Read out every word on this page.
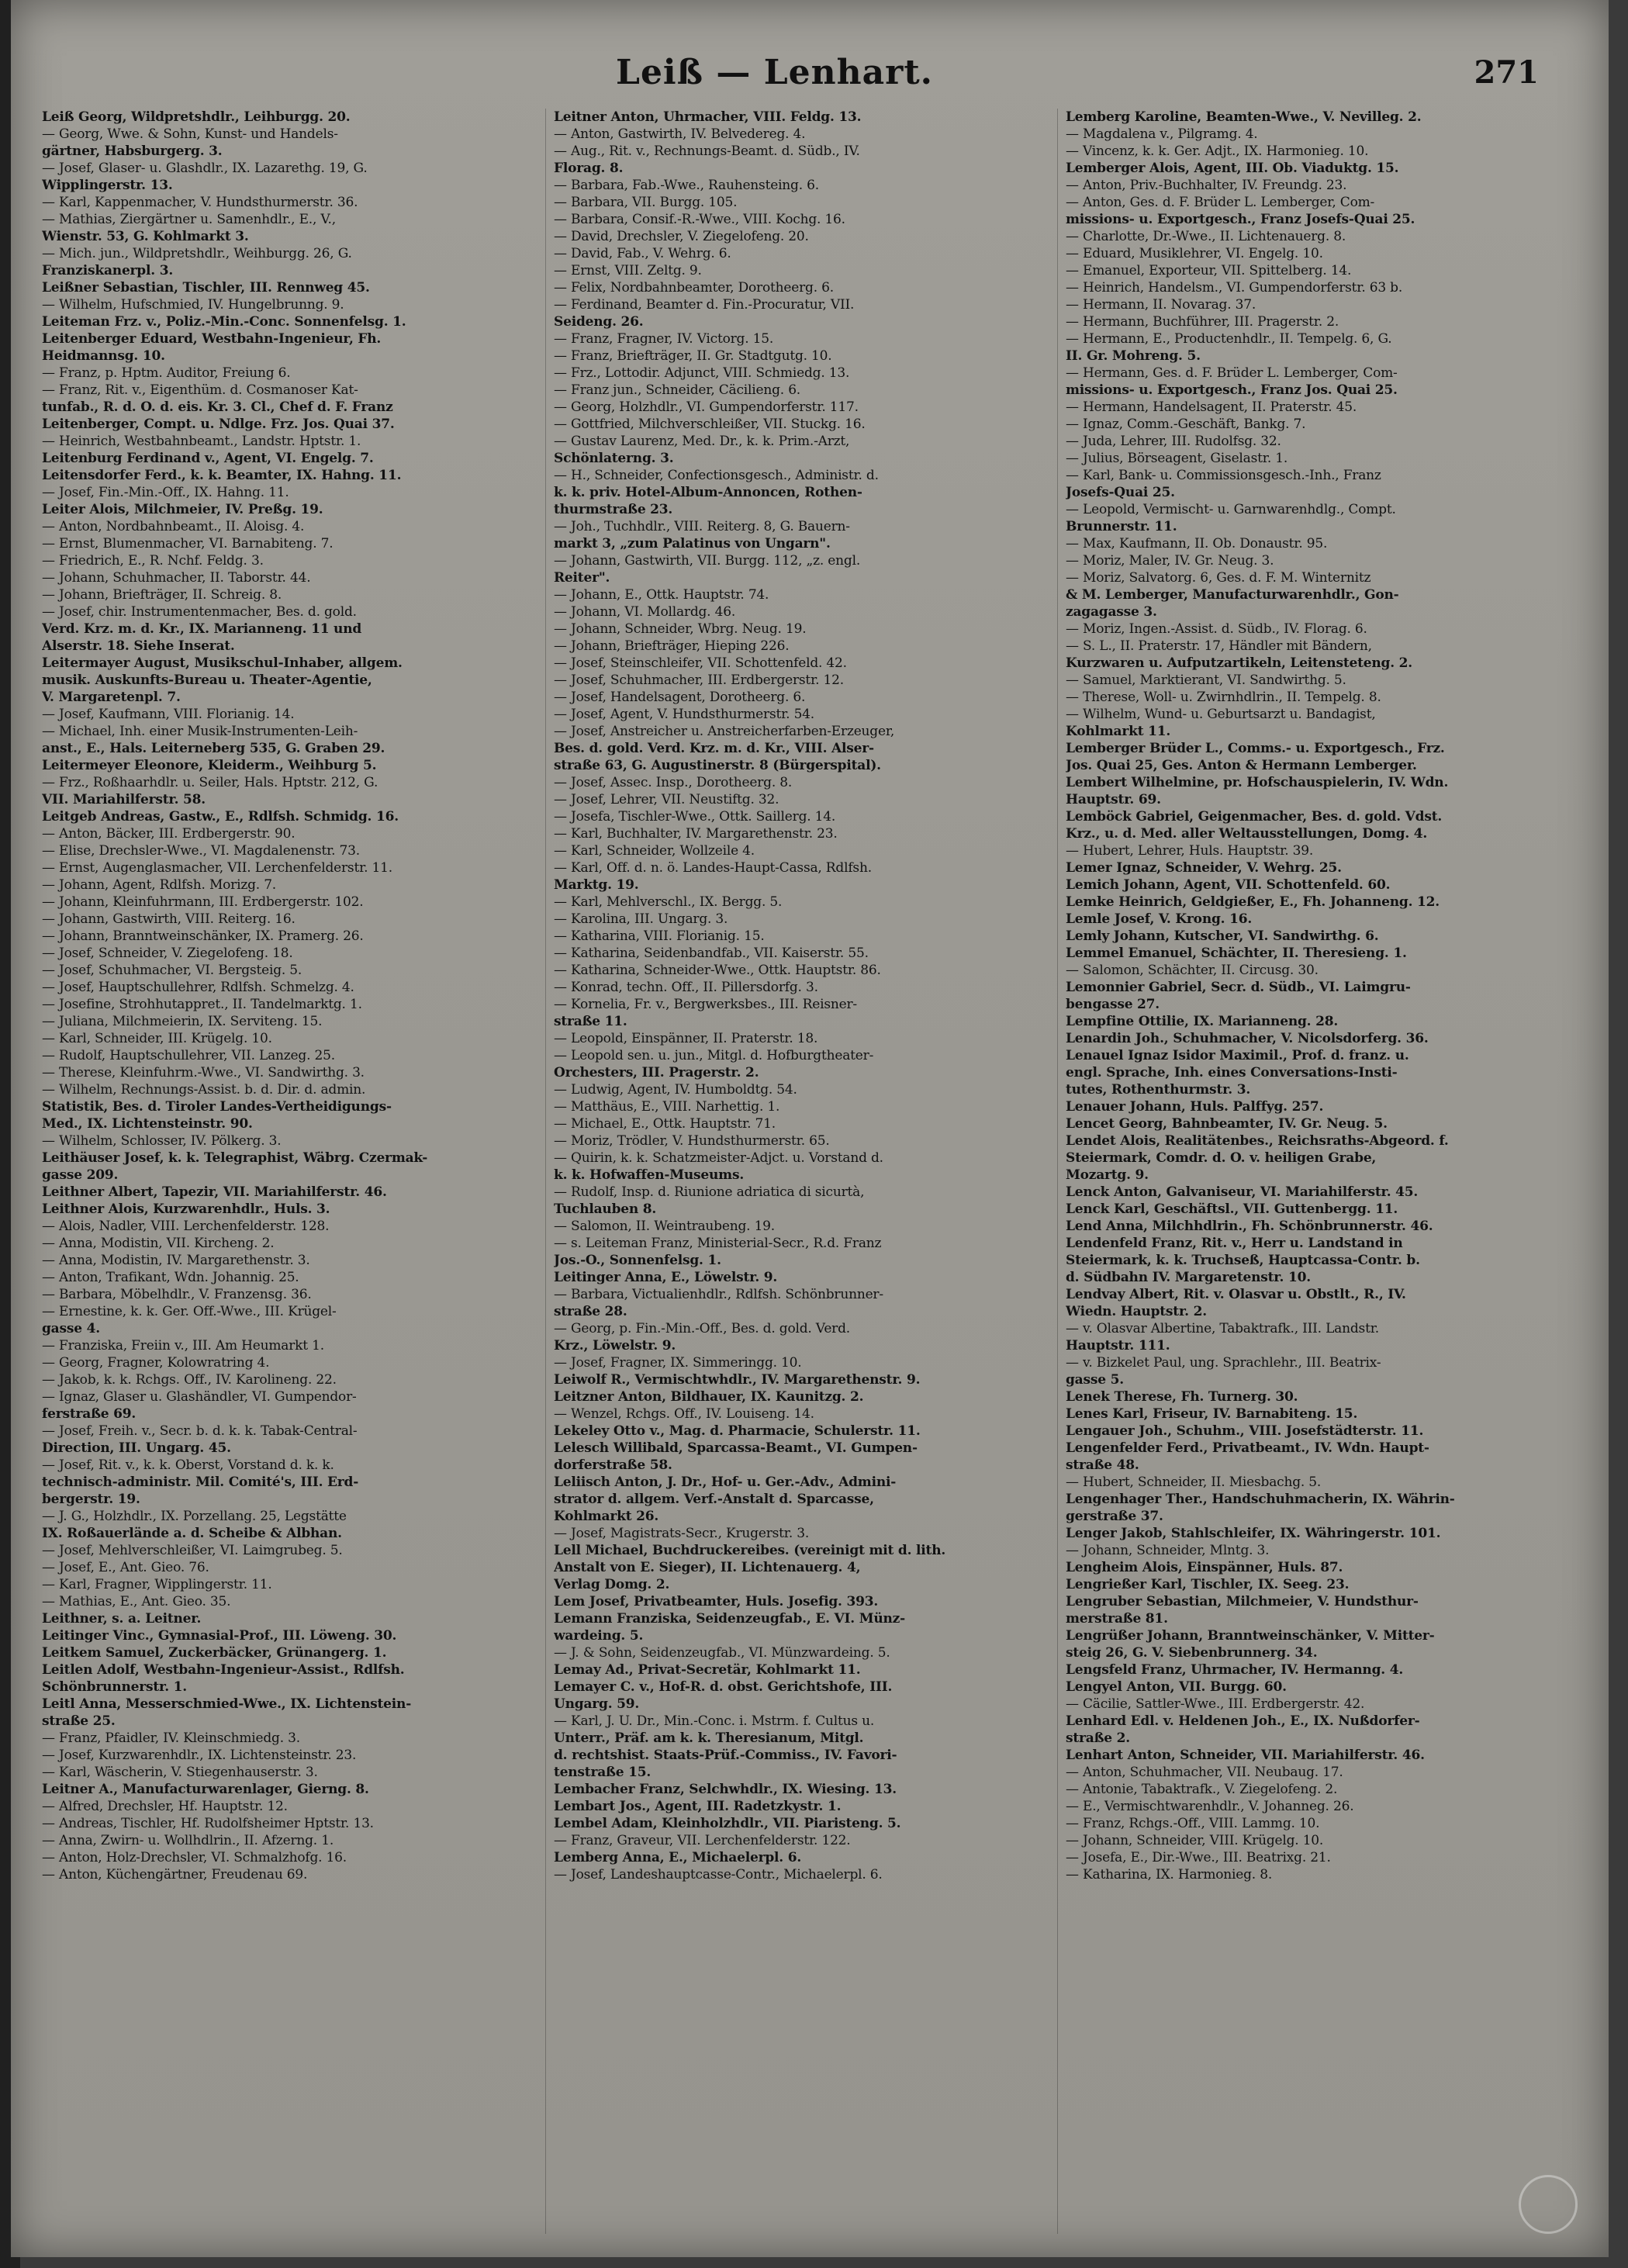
Leiß — Lenhart.	271
Leiß Georg, Wildpretshdlr., Leihburgg. 20.
— Georg, Wwe. & Sohn, Kunst- und Handels-
gärtner, Habsburgerg. 3.
— Josef, Glaser- u. Glashdlr., IX. Lazarethg. 19, G.
Wipplingerstr. 13.
— Karl, Kappenmacher, V. Hundsthurmerstr. 36.
— Mathias, Ziergärtner u. Samenhdlr., E., V.,
Wienstr. 53, G. Kohlmarkt 3.
— Mich. jun., Wildpretshdlr., Weihburgg. 26, G.
Franziskanerpl. 3.
Leißner Sebastian, Tischler, III. Rennweg 45.
— Wilhelm, Hufschmied, IV. Hungelbrunng. 9.
Leiteman Frz. v., Poliz.-Min.-Conc. Sonnenfelsg. 1.
Leitenberger Eduard, Westbahn-Ingenieur, Fh.
Heidmannsg. 10.
— Franz, p. Hptm. Auditor, Freiung 6.
— Franz, Rit. v., Eigenthüm. d. Cosmanoser Kat-
tunfab., R. d. O. d. eis. Kr. 3. Cl., Chef d. F. Franz
Leitenberger, Compt. u. Ndlge. Frz. Jos. Quai 37.
— Heinrich, Westbahnbeamt., Landstr. Hptstr. 1.
Leitenburg Ferdinand v., Agent, VI. Engelg. 7.
Leitensdorfer Ferd., k. k. Beamter, IX. Hahng. 11.
— Josef, Fin.-Min.-Off., IX. Hahng. 11.
Leiter Alois, Milchmeier, IV. Preßg. 19.
— Anton, Nordbahnbeamt., II. Aloisg. 4.
— Ernst, Blumenmacher, VI. Barnabiteng. 7.
— Friedrich, E., R. Nchf. Feldg. 3.
— Johann, Schuhmacher, II. Taborstr. 44.
— Johann, Briefträger, II. Schreig. 8.
— Josef, chir. Instrumentenmacher, Bes. d. gold.
Verd. Krz. m. d. Kr., IX. Marianneng. 11 und
Alserstr. 18. Siehe Inserat.
Leitermayer August, Musikschul-Inhaber, allgem.
musik. Auskunfts-Bureau u. Theater-Agentie,
V. Margaretenpl. 7.
— Josef, Kaufmann, VIII. Florianig. 14.
— Michael, Inh. einer Musik-Instrumenten-Leih-
anst., E., Hals. Leiterneberg 535, G. Graben 29.
Leitermeyer Eleonore, Kleiderm., Weihburg 5.
— Frz., Roßhaarhdlr. u. Seiler, Hals. Hptstr. 212, G.
VII. Mariahilferstr. 58.
Leitgeb Andreas, Gastw., E., Rdlfsh. Schmidg. 16.
— Anton, Bäcker, III. Erdbergerstr. 90.
— Elise, Drechsler-Wwe., VI. Magdalenenstr. 73.
— Ernst, Augenglasmacher, VII. Lerchenfelderstr. 11.
— Johann, Agent, Rdlfsh. Morizg. 7.
— Johann, Kleinfuhrmann, III. Erdbergerstr. 102.
— Johann, Gastwirth, VIII. Reiterg. 16.
— Johann, Branntweinschänker, IX. Pramerg. 26.
— Josef, Schneider, V. Ziegelofeng. 18.
— Josef, Schuhmacher, VI. Bergsteig. 5.
— Josef, Hauptschullehrer, Rdlfsh. Schmelzg. 4.
— Josefine, Strohhutappret., II. Tandelmarktg. 1.
— Juliana, Milchmeierin, IX. Serviteng. 15.
— Karl, Schneider, III. Krügelg. 10.
— Rudolf, Hauptschullehrer, VII. Lanzeg. 25.
— Therese, Kleinfuhrm.-Wwe., VI. Sandwirthg. 3.
— Wilhelm, Rechnungs-Assist. b. d. Dir. d. admin.
Statistik, Bes. d. Tiroler Landes-Vertheidigungs-
Med., IX. Lichtensteinstr. 90.
— Wilhelm, Schlosser, IV. Pölkerg. 3.
Leithäuser Josef, k. k. Telegraphist, Wäbrg. Czermak-
gasse 209.
Leithner Albert, Tapezir, VII. Mariahilferstr. 46.
Leithner Alois, Kurzwarenhdlr., Huls. 3.
— Alois, Nadler, VIII. Lerchenfelderstr. 128.
— Anna, Modistin, VII. Kircheng. 2.
— Anna, Modistin, IV. Margarethenstr. 3.
— Anton, Trafikant, Wdn. Johannig. 25.
— Barbara, Möbelhdlr., V. Franzensg. 36.
— Ernestine, k. k. Ger. Off.-Wwe., III. Krügel-
gasse 4.
— Franziska, Freiin v., III. Am Heumarkt 1.
— Georg, Fragner, Kolowratring 4.
— Jakob, k. k. Rchgs. Off., IV. Karolineng. 22.
— Ignaz, Glaser u. Glashändler, VI. Gumpendor-
ferstraße 69.
— Josef, Freih. v., Secr. b. d. k. k. Tabak-Central-
Direction, III. Ungarg. 45.
— Josef, Rit. v., k. k. Oberst, Vorstand d. k. k.
technisch-administr. Mil. Comité's, III. Erd-
bergerstr. 19.
— J. G., Holzhdlr., IX. Porzellang. 25, Legstätte
IX. Roßauerlände a. d. Scheibe & Albhan.
— Josef, Mehlverschleißer, VI. Laimgrubeg. 5.
— Josef, E., Ant. Gieo. 76.
— Karl, Fragner, Wipplingerstr. 11.
— Mathias, E., Ant. Gieo. 35.
Leithner, s. a. Leitner.
Leitinger Vinc., Gymnasial-Prof., III. Löweng. 30.
Leitkem Samuel, Zuckerbäcker, Grünangerg. 1.
Leitlen Adolf, Westbahn-Ingenieur-Assist., Rdlfsh.
Schönbrunnerstr. 1.
Leitl Anna, Messerschmied-Wwe., IX. Lichtenstein-
straße 25.
— Franz, Pfaidler, IV. Kleinschmiedg. 3.
— Josef, Kurzwarenhdlr., IX. Lichtensteinstr. 23.
— Karl, Wäscherin, V. Stiegenhauserstr. 3.
Leitner A., Manufacturwarenlager, Gierng. 8.
— Alfred, Drechsler, Hf. Hauptstr. 12.
— Andreas, Tischler, Hf. Rudolfsheimer Hptstr. 13.
— Anna, Zwirn- u. Wollhdlrin., II. Afzerng. 1.
— Anton, Holz-Drechsler, VI. Schmalzhofg. 16.
— Anton, Küchengärtner, Freudenau 69.
Leitner Anton, Uhrmacher, VIII. Feldg. 13.
— Anton, Gastwirth, IV. Belvedereg. 4.
— Aug., Rit. v., Rechnungs-Beamt. d. Südb., IV.
Florag. 8.
— Barbara, Fab.-Wwe., Rauhensteing. 6.
— Barbara, VII. Burgg. 105.
— Barbara, Consif.-R.-Wwe., VIII. Kochg. 16.
— David, Drechsler, V. Ziegelofeng. 20.
— David, Fab., V. Wehrg. 6.
— Ernst, VIII. Zeltg. 9.
— Felix, Nordbahnbeamter, Dorotheerg. 6.
— Ferdinand, Beamter d. Fin.-Procuratur, VII.
Seideng. 26.
— Franz, Fragner, IV. Victorg. 15.
— Franz, Briefträger, II. Gr. Stadtgutg. 10.
— Frz., Lottodir. Adjunct, VIII. Schmiedg. 13.
— Franz jun., Schneider, Cäcilieng. 6.
— Georg, Holzhdlr., VI. Gumpendorferstr. 117.
— Gottfried, Milchverschleißer, VII. Stuckg. 16.
— Gustav Laurenz, Med. Dr., k. k. Prim.-Arzt,
Schönlaterng. 3.
— H., Schneider, Confectionsgesch., Administr. d.
k. k. priv. Hotel-Album-Annoncen, Rothen-
thurmstraße 23.
— Joh., Tuchhdlr., VIII. Reiterg. 8, G. Bauern-
markt 3, „zum Palatinus von Ungarn".
— Johann, Gastwirth, VII. Burgg. 112, „z. engl.
Reiter".
— Johann, E., Ottk. Hauptstr. 74.
— Johann, VI. Mollardg. 46.
— Johann, Schneider, Wbrg. Neug. 19.
— Johann, Briefträger, Hieping 226.
— Josef, Steinschleifer, VII. Schottenfeld. 42.
— Josef, Schuhmacher, III. Erdbergerstr. 12.
— Josef, Handelsagent, Dorotheerg. 6.
— Josef, Agent, V. Hundsthurmerstr. 54.
— Josef, Anstreicher u. Anstreicherfarben-Erzeuger,
Bes. d. gold. Verd. Krz. m. d. Kr., VIII. Alser-
straße 63, G. Augustinerstr. 8 (Bürgerspital).
— Josef, Assec. Insp., Dorotheerg. 8.
— Josef, Lehrer, VII. Neustiftg. 32.
— Josefa, Tischler-Wwe., Ottk. Saillerg. 14.
— Karl, Buchhalter, IV. Margarethenstr. 23.
— Karl, Schneider, Wollzeile 4.
— Karl, Off. d. n. ö. Landes-Haupt-Cassa, Rdlfsh.
Marktg. 19.
— Karl, Mehlverschl., IX. Bergg. 5.
— Karolina, III. Ungarg. 3.
— Katharina, VIII. Florianig. 15.
— Katharina, Seidenbandfab., VII. Kaiserstr. 55.
— Katharina, Schneider-Wwe., Ottk. Hauptstr. 86.
— Konrad, techn. Off., II. Pillersdorfg. 3.
— Kornelia, Fr. v., Bergwerksbes., III. Reisner-
straße 11.
— Leopold, Einspänner, II. Praterstr. 18.
— Leopold sen. u. jun., Mitgl. d. Hofburgtheater-
Orchesters, III. Pragerstr. 2.
— Ludwig, Agent, IV. Humboldtg. 54.
— Matthäus, E., VIII. Narhettig. 1.
— Michael, E., Ottk. Hauptstr. 71.
— Moriz, Trödler, V. Hundsthurmerstr. 65.
— Quirin, k. k. Schatzmeister-Adjct. u. Vorstand d.
k. k. Hofwaffen-Museums.
— Rudolf, Insp. d. Riunione adriatica di sicurtà,
Tuchlauben 8.
— Salomon, II. Weintraubeng. 19.
— s. Leiteman Franz, Ministerial-Secr., R.d. Franz
Jos.-O., Sonnenfelsg. 1.
Leitinger Anna, E., Löwelstr. 9.
— Barbara, Victualienhdlr., Rdlfsh. Schönbrunner-
straße 28.
— Georg, p. Fin.-Min.-Off., Bes. d. gold. Verd.
Krz., Löwelstr. 9.
— Josef, Fragner, IX. Simmeringg. 10.
Leiwolf R., Vermischtwhdlr., IV. Margarethenstr. 9.
Leitzner Anton, Bildhauer, IX. Kaunitzg. 2.
— Wenzel, Rchgs. Off., IV. Louiseng. 14.
Lekeley Otto v., Mag. d. Pharmacie, Schulerstr. 11.
Lelesch Willibald, Sparcassa-Beamt., VI. Gumpen-
dorferstraße 58.
Leliisch Anton, J. Dr., Hof- u. Ger.-Adv., Admini-
strator d. allgem. Verf.-Anstalt d. Sparcasse,
Kohlmarkt 26.
— Josef, Magistrats-Secr., Krugerstr. 3.
Lell Michael, Buchdruckereibes. (vereinigt mit d. lith.
Anstalt von E. Sieger), II. Lichtenauerg. 4,
Verlag Domg. 2.
Lem Josef, Privatbeamter, Huls. Josefig. 393.
Lemann Franziska, Seidenzeugfab., E. VI. Münz-
wardeing. 5.
— J. & Sohn, Seidenzeugfab., VI. Münzwardeing. 5.
Lemay Ad., Privat-Secretär, Kohlmarkt 11.
Lemayer C. v., Hof-R. d. obst. Gerichtshofe, III.
Ungarg. 59.
— Karl, J. U. Dr., Min.-Conc. i. Mstrm. f. Cultus u.
Unterr., Präf. am k. k. Theresianum, Mitgl.
d. rechtshist. Staats-Prüf.-Commiss., IV. Favori-
tenstraße 15.
Lembacher Franz, Selchwhdlr., IX. Wiesing. 13.
Lembart Jos., Agent, III. Radetzkystr. 1.
Lembel Adam, Kleinholzhdlr., VII. Piaristeng. 5.
— Franz, Graveur, VII. Lerchenfelderstr. 122.
Lemberg Anna, E., Michaelerpl. 6.
— Josef, Landeshauptcasse-Contr., Michaelerpl. 6.
Lemberg Karoline, Beamten-Wwe., V. Nevilleg. 2.
— Magdalena v., Pilgramg. 4.
— Vincenz, k. k. Ger. Adjt., IX. Harmonieg. 10.
Lemberger Alois, Agent, III. Ob. Viaduktg. 15.
— Anton, Priv.-Buchhalter, IV. Freundg. 23.
— Anton, Ges. d. F. Brüder L. Lemberger, Com-
missions- u. Exportgesch., Franz Josefs-Quai 25.
— Charlotte, Dr.-Wwe., II. Lichtenauerg. 8.
— Eduard, Musiklehrer, VI. Engelg. 10.
— Emanuel, Exporteur, VII. Spittelberg. 14.
— Heinrich, Handelsm., VI. Gumpendorferstr. 63 b.
— Hermann, II. Novarag. 37.
— Hermann, Buchführer, III. Pragerstr. 2.
— Hermann, E., Productenhdlr., II. Tempelg. 6, G.
II. Gr. Mohreng. 5.
— Hermann, Ges. d. F. Brüder L. Lemberger, Com-
missions- u. Exportgesch., Franz Jos. Quai 25.
— Hermann, Handelsagent, II. Praterstr. 45.
— Ignaz, Comm.-Geschäft, Bankg. 7.
— Juda, Lehrer, III. Rudolfsg. 32.
— Julius, Börseagent, Giselastr. 1.
— Karl, Bank- u. Commissionsgesch.-Inh., Franz
Josefs-Quai 25.
— Leopold, Vermischt- u. Garnwarenhdlg., Compt.
Brunnerstr. 11.
— Max, Kaufmann, II. Ob. Donaustr. 95.
— Moriz, Maler, IV. Gr. Neug. 3.
— Moriz, Salvatorg. 6, Ges. d. F. M. Winternitz
& M. Lemberger, Manufacturwarenhdlr., Gon-
zagagasse 3.
— Moriz, Ingen.-Assist. d. Südb., IV. Florag. 6.
— S. L., II. Praterstr. 17, Händler mit Bändern,
Kurzwaren u. Aufputzartikeln, Leitensteteng. 2.
— Samuel, Marktierant, VI. Sandwirthg. 5.
— Therese, Woll- u. Zwirnhdlrin., II. Tempelg. 8.
— Wilhelm, Wund- u. Geburtsarzt u. Bandagist,
Kohlmarkt 11.
Lemberger Brüder L., Comms.- u. Exportgesch., Frz.
Jos. Quai 25, Ges. Anton & Hermann Lemberger.
Lembert Wilhelmine, pr. Hofschauspielerin, IV. Wdn.
Hauptstr. 69.
Lemböck Gabriel, Geigenmacher, Bes. d. gold. Vdst.
Krz., u. d. Med. aller Weltausstellungen, Domg. 4.
— Hubert, Lehrer, Huls. Hauptstr. 39.
Lemer Ignaz, Schneider, V. Wehrg. 25.
Lemich Johann, Agent, VII. Schottenfeld. 60.
Lemke Heinrich, Geldgießer, E., Fh. Johanneng. 12.
Lemle Josef, V. Krong. 16.
Lemly Johann, Kutscher, VI. Sandwirthg. 6.
Lemmel Emanuel, Schächter, II. Theresieng. 1.
— Salomon, Schächter, II. Circusg. 30.
Lemonnier Gabriel, Secr. d. Südb., VI. Laimgru-
bengasse 27.
Lempfine Ottilie, IX. Marianneng. 28.
Lenardin Joh., Schuhmacher, V. Nicolsdorferg. 36.
Lenauel Ignaz Isidor Maximil., Prof. d. franz. u.
engl. Sprache, Inh. eines Conversations-Insti-
tutes, Rothenthurmstr. 3.
Lenauer Johann, Huls. Palffyg. 257.
Lencet Georg, Bahnbeamter, IV. Gr. Neug. 5.
Lendet Alois, Realitätenbes., Reichsraths-Abgeord. f.
Steiermark, Comdr. d. O. v. heiligen Grabe,
Mozartg. 9.
Lenck Anton, Galvaniseur, VI. Mariahilferstr. 45.
Lenck Karl, Geschäftsl., VII. Guttenbergg. 11.
Lend Anna, Milchhdlrin., Fh. Schönbrunnerstr. 46.
Lendenfeld Franz, Rit. v., Herr u. Landstand in
Steiermark, k. k. Truchseß, Hauptcassa-Contr. b.
d. Südbahn IV. Margaretenstr. 10.
Lendvay Albert, Rit. v. Olasvar u. Obstlt., R., IV.
Wiedn. Hauptstr. 2.
— v. Olasvar Albertine, Tabaktrafk., III. Landstr.
Hauptstr. 111.
— v. Bizkelet Paul, ung. Sprachlehr., III. Beatrix-
gasse 5.
Lenek Therese, Fh. Turnerg. 30.
Lenes Karl, Friseur, IV. Barnabiteng. 15.
Lengauer Joh., Schuhm., VIII. Josefstädterstr. 11.
Lengenfelder Ferd., Privatbeamt., IV. Wdn. Haupt-
straße 48.
— Hubert, Schneider, II. Miesbachg. 5.
Lengenhager Ther., Handschuhmacherin, IX. Währin-
gerstraße 37.
Lenger Jakob, Stahlschleifer, IX. Währingerstr. 101.
— Johann, Schneider, Mlntg. 3.
Lengheim Alois, Einspänner, Huls. 87.
Lengrießer Karl, Tischler, IX. Seeg. 23.
Lengruber Sebastian, Milchmeier, V. Hundsthur-
merstraße 81.
Lengrüßer Johann, Branntweinschänker, V. Mitter-
steig 26, G. V. Siebenbrunnerg. 34.
Lengsfeld Franz, Uhrmacher, IV. Hermanng. 4.
Lengyel Anton, VII. Burgg. 60.
— Cäcilie, Sattler-Wwe., III. Erdbergerstr. 42.
Lenhard Edl. v. Heldenen Joh., E., IX. Nußdorfer-
straße 2.
Lenhart Anton, Schneider, VII. Mariahilferstr. 46.
— Anton, Schuhmacher, VII. Neubaug. 17.
— Antonie, Tabaktrafk., V. Ziegelofeng. 2.
— E., Vermischtwarenhdlr., V. Johanneg. 26.
— Franz, Rchgs.-Off., VIII. Lammg. 10.
— Johann, Schneider, VIII. Krügelg. 10.
— Josefa, E., Dir.-Wwe., III. Beatrixg. 21.
— Katharina, IX. Harmonieg. 8.
